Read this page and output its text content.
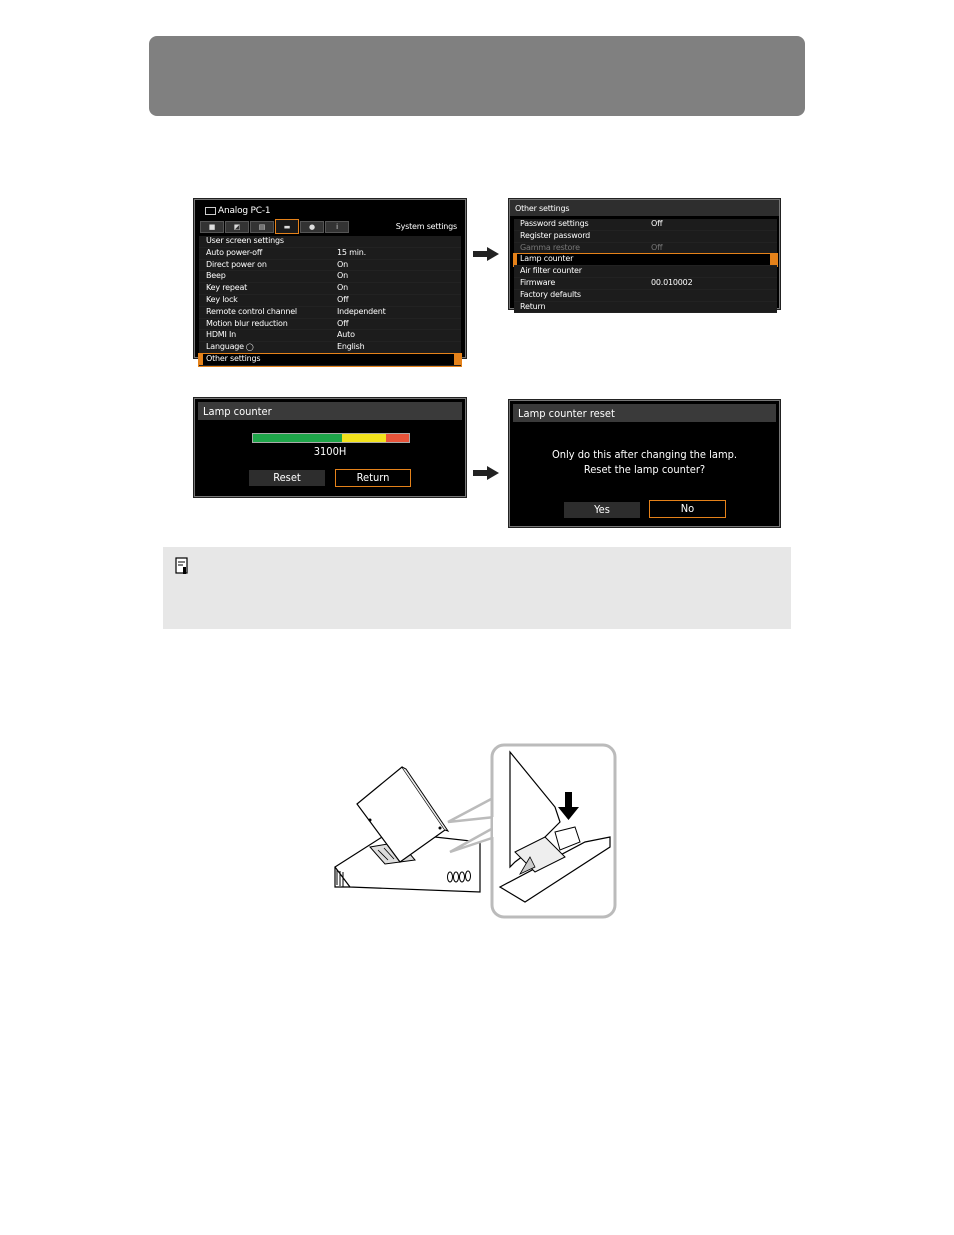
Analog PC-1
■	◩	▤	▬	●	i	System settings
User screen settings
Auto power-off	15 min.
Direct power on	On
Beep	On
Key repeat	On
Key lock	Off
Remote control channel	Independent
Motion blur reduction	Off
HDMI In	Auto
Language ◯	English
Other settings
Other settings
Password settings	Off
Register password
Gamma restore	Off
Lamp counter
Air filter counter
Firmware	00.010002
Factory defaults
Return
Lamp counter
3100H
Reset	Return
Lamp counter reset
Only do this after changing the lamp.
Reset the lamp counter?
Yes	No
